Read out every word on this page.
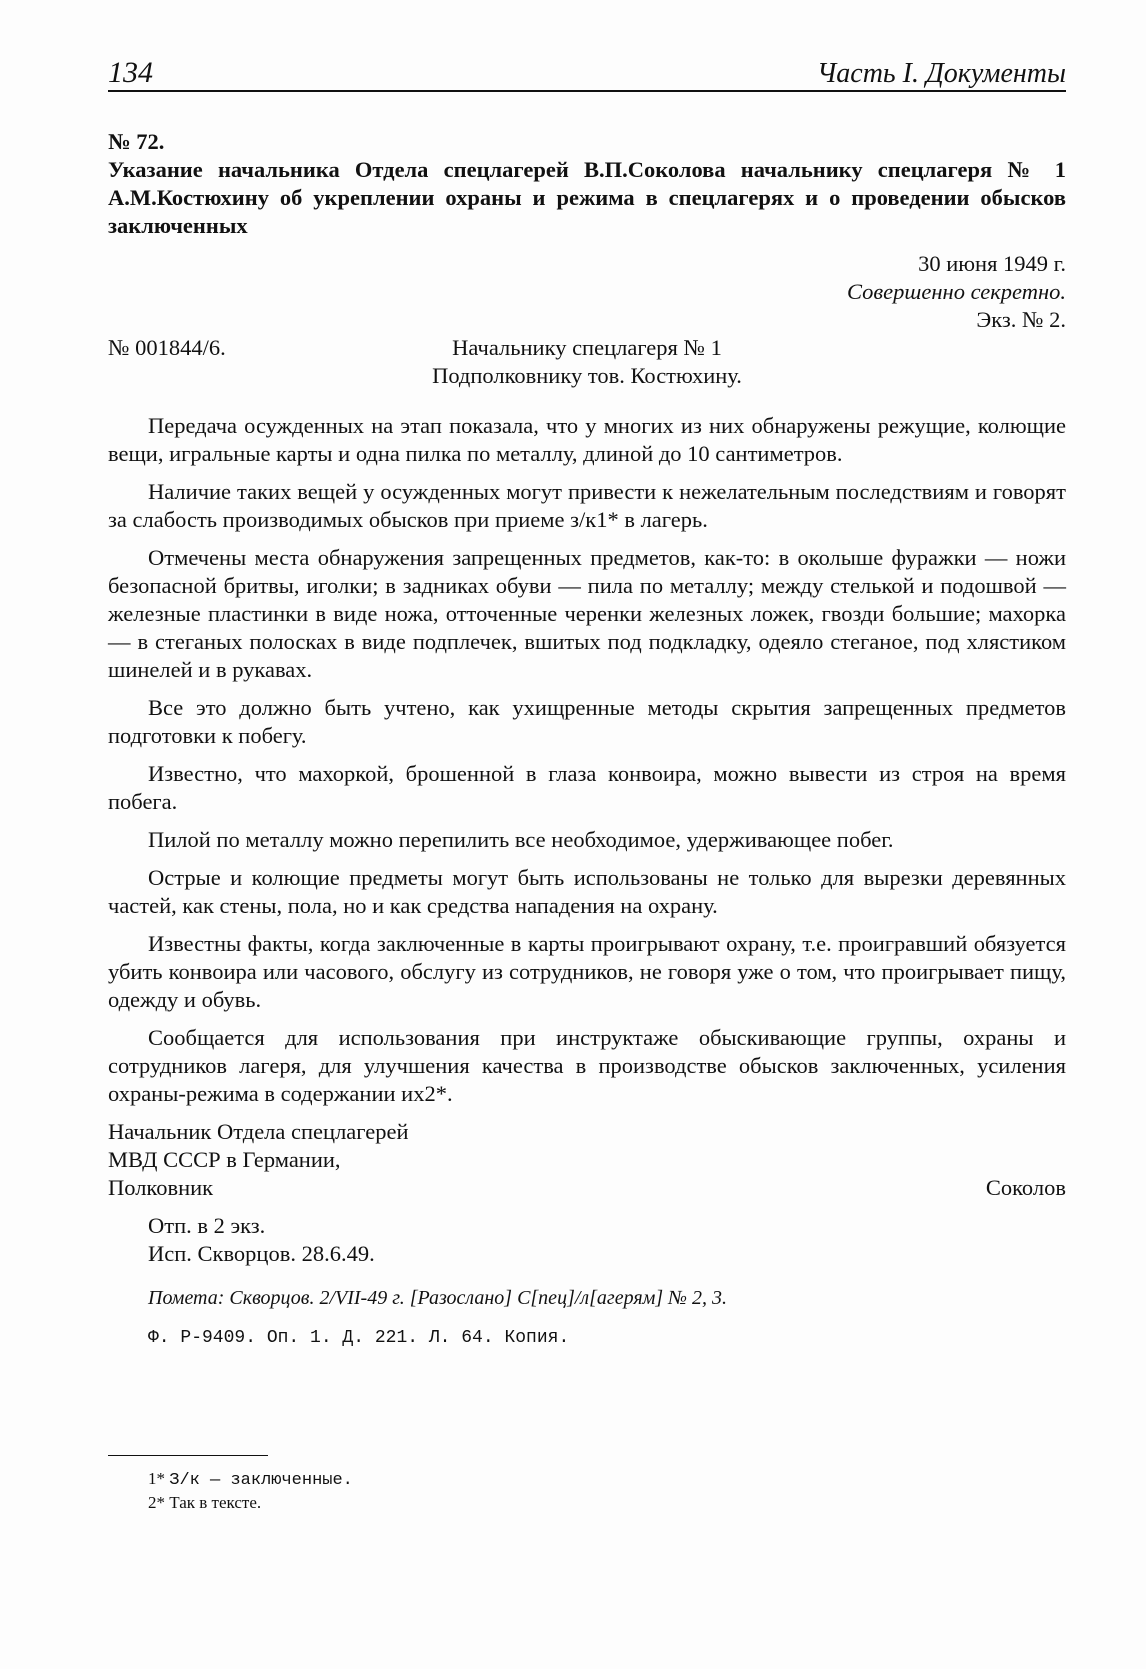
134	Часть I. Документы

№ 72.

Указание начальника Отдела спецлагерей В.П.Соколова начальнику спецлагеря № 1 А.М.Костюхину об укреплении охраны и режима в спецлагерях и о проведении обысков заключенных

30 июня 1949 г.

Совершенно секретно.

Экз. № 2.

№ 001844/6.	Начальнику спецлагеря № 1

Подполковнику тов. Костюхину.

Передача осужденных на этап показала, что у многих из них обнаружены режущие, колющие вещи, игральные карты и одна пилка по металлу, длиной до 10 сантиметров.

Наличие таких вещей у осужденных могут привести к нежелательным последствиям и говорят за слабость производимых обысков при приеме з/к1* в лагерь.

Отмечены места обнаружения запрещенных предметов, как-то: в околыше фуражки — ножи безопасной бритвы, иголки; в задниках обуви — пила по металлу; между стелькой и подошвой — железные пластинки в виде ножа, отточенные черенки железных ложек, гвозди большие; махорка — в стеганых полосках в виде подплечек, вшитых под подкладку, одеяло стеганое, под хлястиком шинелей и в рукавах.

Все это должно быть учтено, как ухищренные методы скрытия запрещенных предметов подготовки к побегу.

Известно, что махоркой, брошенной в глаза конвоира, можно вывести из строя на время побега.

Пилой по металлу можно перепилить все необходимое, удерживающее побег.

Острые и колющие предметы могут быть использованы не только для вырезки деревянных частей, как стены, пола, но и как средства нападения на охрану.

Известны факты, когда заключенные в карты проигрывают охрану, т.е. проигравший обязуется убить конвоира или часового, обслугу из сотрудников, не говоря уже о том, что проигрывает пищу, одежду и обувь.

Сообщается для использования при инструктаже обыскивающие группы, охраны и сотрудников лагеря, для улучшения качества в производстве обысков заключенных, усиления охраны-режима в содержании их2*.

Начальник Отдела спецлагерей

МВД СССР в Германии,

Полковник	Соколов

Отп. в 2 экз.

Исп. Скворцов. 28.6.49.

Помета: Скворцов. 2/VII-49 г. [Разослано] С[пец]/л[агерям] № 2, 3.

Ф. Р-9409. Оп. 1. Д. 221. Л. 64. Копия.

1* З/к — заключенные.
2* Так в тексте.
